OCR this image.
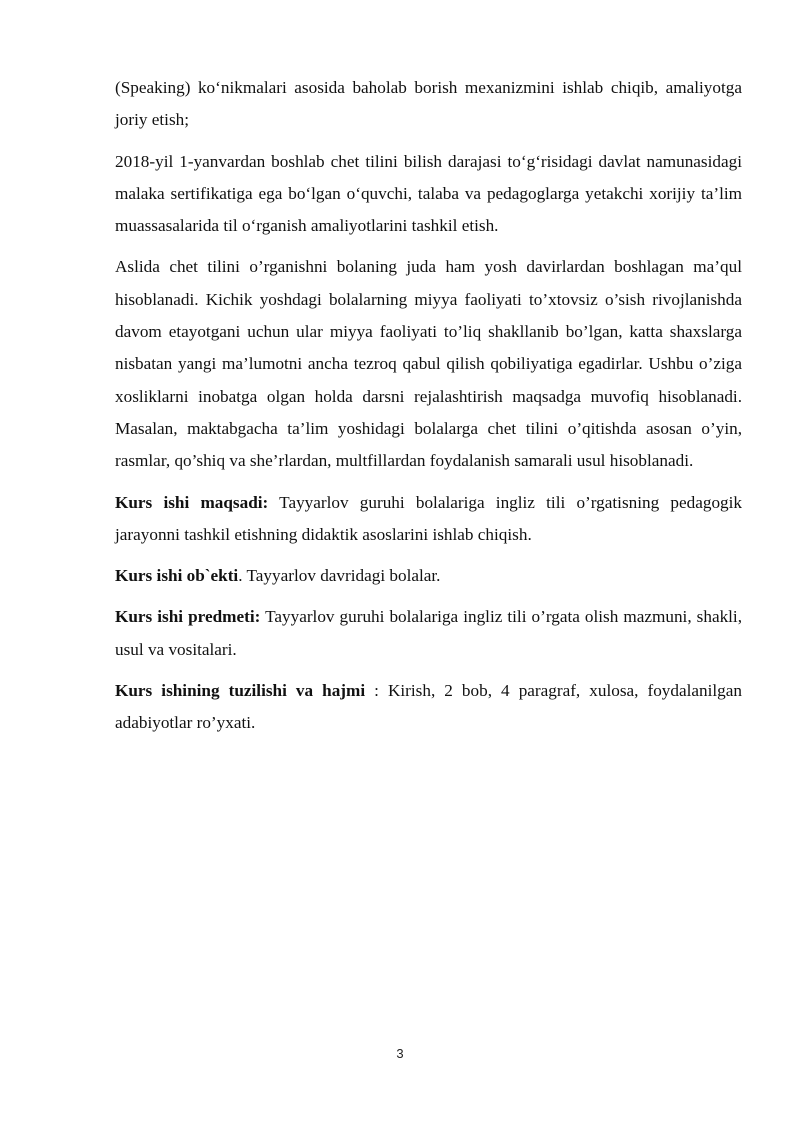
(Speaking) ko‘nikmalari asosida baholab borish mexanizmini ishlab chiqib, amaliyotga joriy etish;

2018-yil 1-yanvardan boshlab chet tilini bilish darajasi to‘g‘risidagi davlat namunasidagi malaka sertifikatiga ega bo‘lgan o‘quvchi, talaba va pedagoglarga yetakchi xorijiy ta’lim muassasalarida til o‘rganish amaliyotlarini tashkil etish.

Aslida chet tilini o’rganishni bolaning juda ham yosh davirlardan boshlagan ma’qul hisoblanadi. Kichik yoshdagi bolalarning miyya faoliyati to’xtovsiz o’sish rivojlanishda davom etayotgani uchun ular miyya faoliyati to’liq shakllanib bo’lgan, katta shaxslarga nisbatan yangi ma’lumotni ancha tezroq qabul qilish qobiliyatiga egadirlar. Ushbu o’ziga xosliklarni inobatga olgan holda darsni rejalashtirish maqsadga muvofiq hisoblanadi. Masalan, maktabgacha ta’lim yoshidagi bolalarga chet tilini o’qitishda asosan o’yin, rasmlar, qo’shiq va she’rlardan, multfillardan foydalanish samarali usul hisoblanadi.

Kurs ishi maqsadi: Tayyarlov guruhi bolalariga ingliz tili o’rgatisning pedagogik jarayonni tashkil etishning didaktik asoslarini ishlab chiqish.

Kurs ishi ob`ekti. Tayyarlov davridagi bolalar.

Kurs ishi predmeti: Tayyarlov guruhi bolalariga ingliz tili o’rgata olish mazmuni, shakli, usul va vositalari.

Kurs ishining tuzilishi va hajmi : Kirish, 2 bob, 4 paragraf, xulosa, foydalanilgan adabiyotlar ro’yxati.

3
